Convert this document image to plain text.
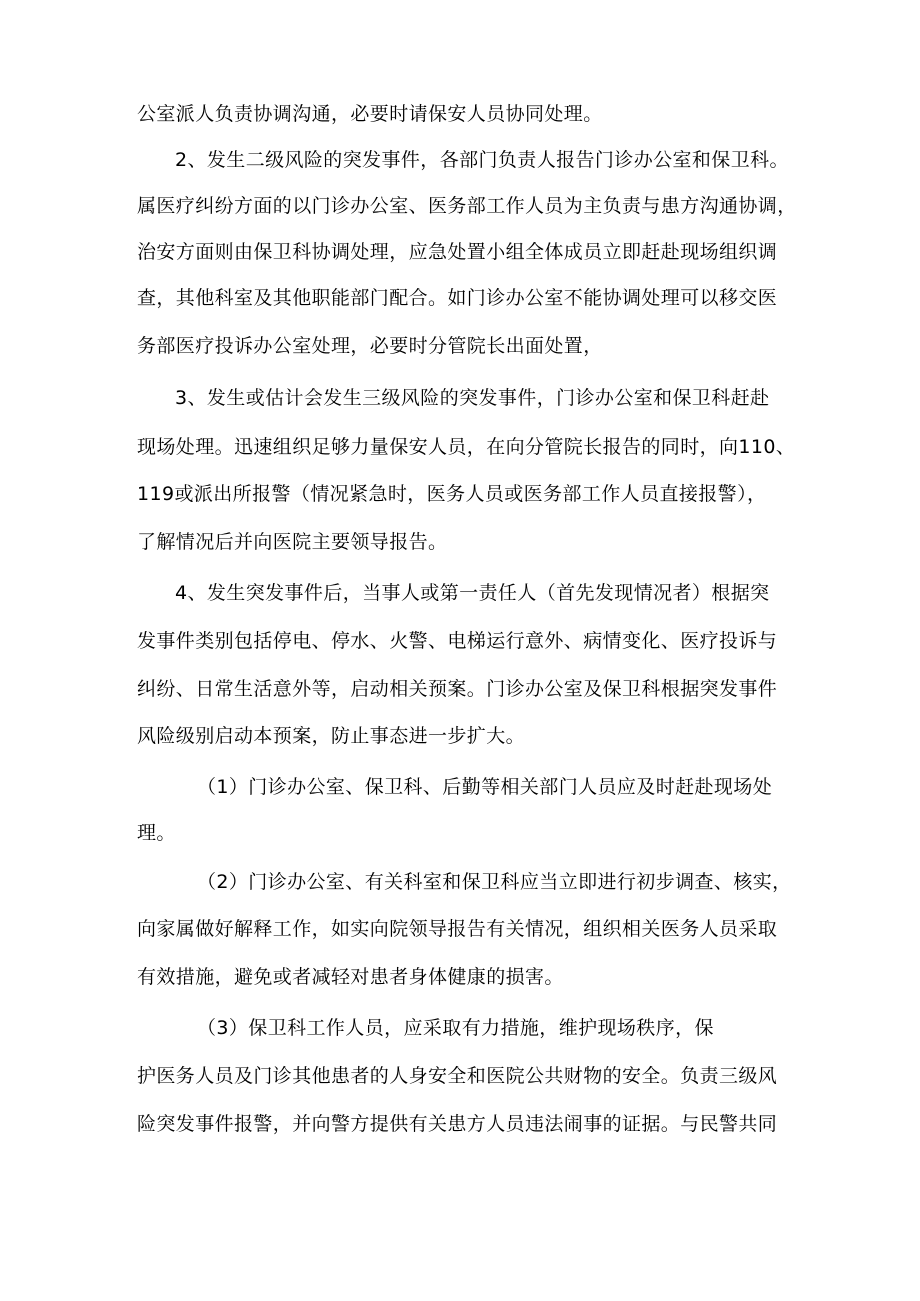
公室派人负责协调沟通，必要时请保安人员协同处理。
2、发生二级风险的突发事件，各部门负责人报告门诊办公室和保卫科。
属医疗纠纷方面的以门诊办公室、医务部工作人员为主负责与患方沟通协调，
治安方面则由保卫科协调处理，应急处置小组全体成员立即赶赴现场组织调
查，其他科室及其他职能部门配合。如门诊办公室不能协调处理可以移交医
务部医疗投诉办公室处理，必要时分管院长出面处置，
3、发生或估计会发生三级风险的突发事件，门诊办公室和保卫科赶赴
现场处理。迅速组织足够力量保安人员，在向分管院长报告的同时，向110、
119或派出所报警（情况紧急时，医务人员或医务部工作人员直接报警），
了解情况后并向医院主要领导报告。
4、发生突发事件后，当事人或第一责任人（首先发现情况者）根据突
发事件类别包括停电、停水、火警、电梯运行意外、病情变化、医疗投诉与
纠纷、日常生活意外等，启动相关预案。门诊办公室及保卫科根据突发事件
风险级别启动本预案，防止事态进一步扩大。
（1）门诊办公室、保卫科、后勤等相关部门人员应及时赶赴现场处
理。
（2）门诊办公室、有关科室和保卫科应当立即进行初步调查、核实，
向家属做好解释工作，如实向院领导报告有关情况，组织相关医务人员采取
有效措施，避免或者减轻对患者身体健康的损害。
（3）保卫科工作人员，应采取有力措施，维护现场秩序，保
护医务人员及门诊其他患者的人身安全和医院公共财物的安全。负责三级风
险突发事件报警，并向警方提供有关患方人员违法闹事的证据。与民警共同
